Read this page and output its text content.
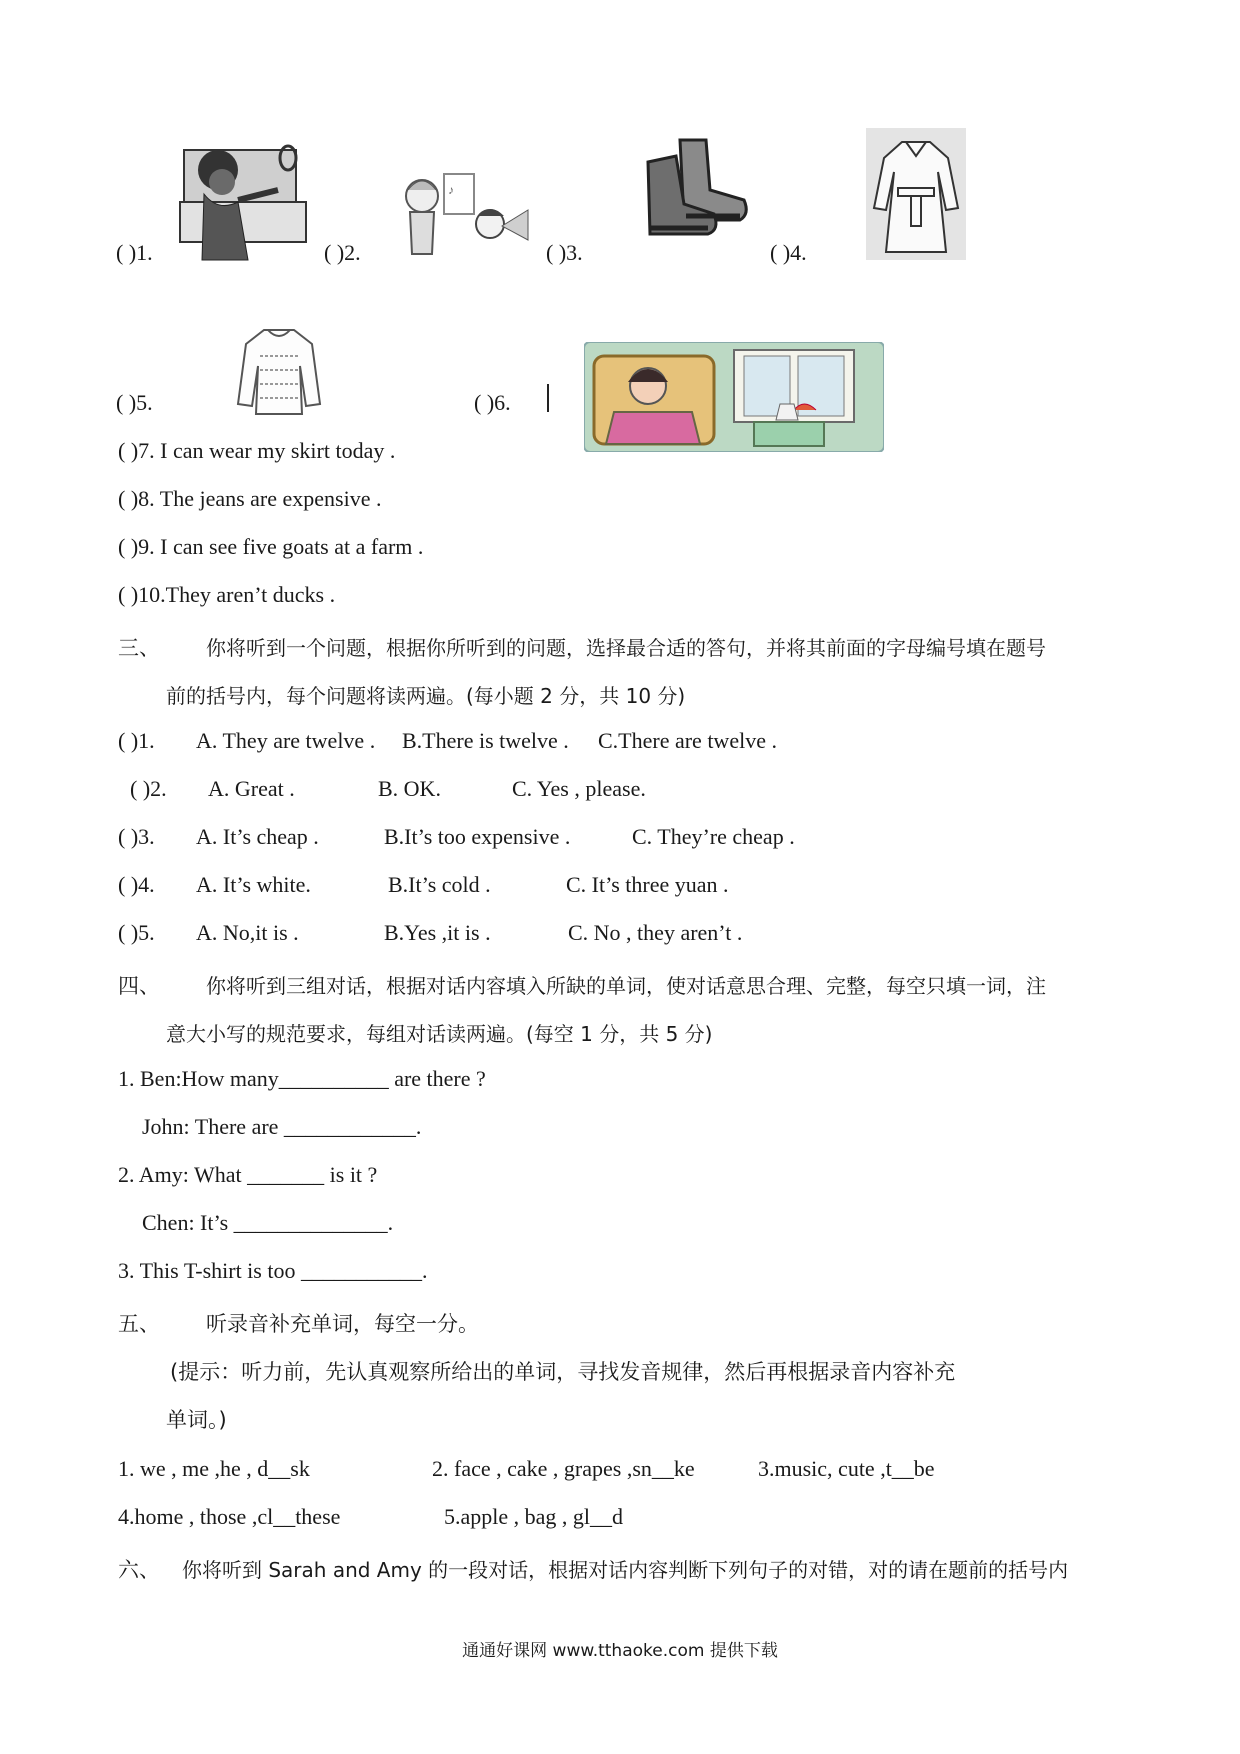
( )1.	( )2.
♪
( )3.	( )4.
( )5.	( )6.
( )7. I can wear my skirt today .
( )8. The jeans are expensive .
( )9. I can see five goats at a farm .
( )10.They aren’t ducks .
三、 你将听到一个问题，根据你所听到的问题，选择最合适的答句，并将其前面的字母编号填在题号
前的括号内，每个问题将读两遍。(每小题 2 分，共 10 分)
( )1. A. They are twelve . B.There is twelve . C.There are twelve .
( )2. A. Great .	B. OK.	C. Yes , please.
( )3. A. It’s cheap .	B.It’s too expensive .	C. They’re cheap .
( )4. A. It’s white.	B.It’s cold .	C. It’s three yuan .
( )5. A. No,it is .	B.Yes ,it is .	C. No , they aren’t .
四、 你将听到三组对话，根据对话内容填入所缺的单词，使对话意思合理、完整，每空只填一词，注
意大小写的规范要求，每组对话读两遍。(每空 1 分，共 5 分)
1. Ben:How many__________ are there ?
John: There are ____________.
2. Amy: What _______ is it ?
Chen: It’s ______________.
3. This T-shirt is too ___________.
五、 听录音补充单词，每空一分。
(提示：听力前，先认真观察所给出的单词，寻找发音规律，然后再根据录音内容补充
单词。)
1. we , me ,he , d__sk	2. face , cake , grapes ,sn__ke	3.music, cute ,t__be
4.home , those ,cl__these	5.apple , bag , gl__d
六、 你将听到 Sarah and Amy 的一段对话，根据对话内容判断下列句子的对错，对的请在题前的括号内
通通好课网 www.tthaoke.com 提供下载
